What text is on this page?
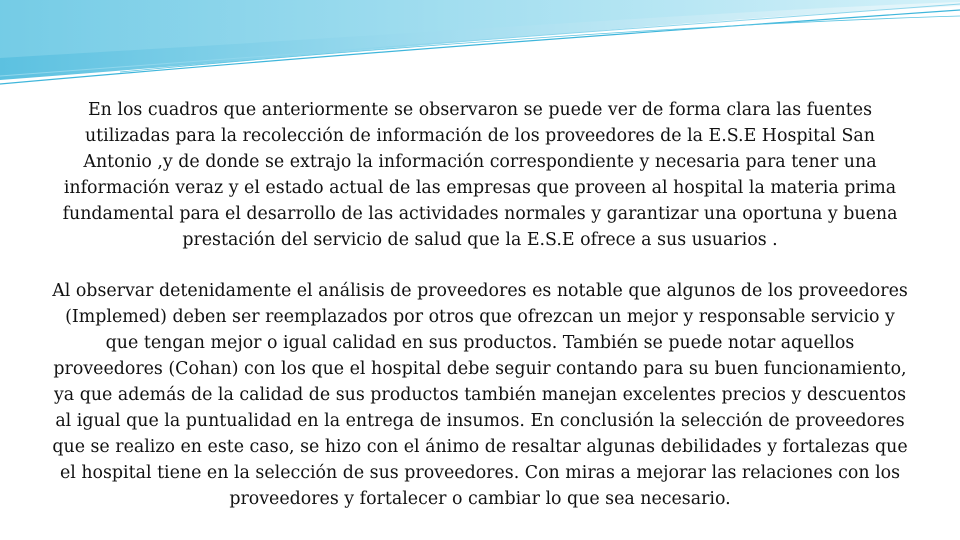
En los cuadros que anteriormente se observaron se puede ver de forma clara las fuentes
utilizadas para la recolección de información de los proveedores de la E.S.E Hospital San
Antonio ,y de donde se extrajo la información correspondiente y necesaria para tener una
información veraz y el estado actual de las empresas que proveen al hospital la materia prima
fundamental para el desarrollo de las actividades normales y garantizar una oportuna y buena
prestación del servicio de salud que la E.S.E ofrece a sus usuarios .

Al observar detenidamente el análisis de proveedores es notable que algunos de los proveedores
(Implemed) deben ser reemplazados por otros que ofrezcan un mejor y responsable servicio y
que tengan mejor o igual calidad en sus productos. También se puede notar aquellos
proveedores (Cohan) con los que el hospital debe seguir contando para su buen funcionamiento,
ya que además de la calidad de sus productos también manejan excelentes precios y descuentos
al igual que la puntualidad en la entrega de insumos. En conclusión la selección de proveedores
que se realizo en este caso, se hizo con el ánimo de resaltar algunas debilidades y fortalezas que
el hospital tiene en la selección de sus proveedores. Con miras a mejorar las relaciones con los
proveedores y fortalecer o cambiar lo que sea necesario.
